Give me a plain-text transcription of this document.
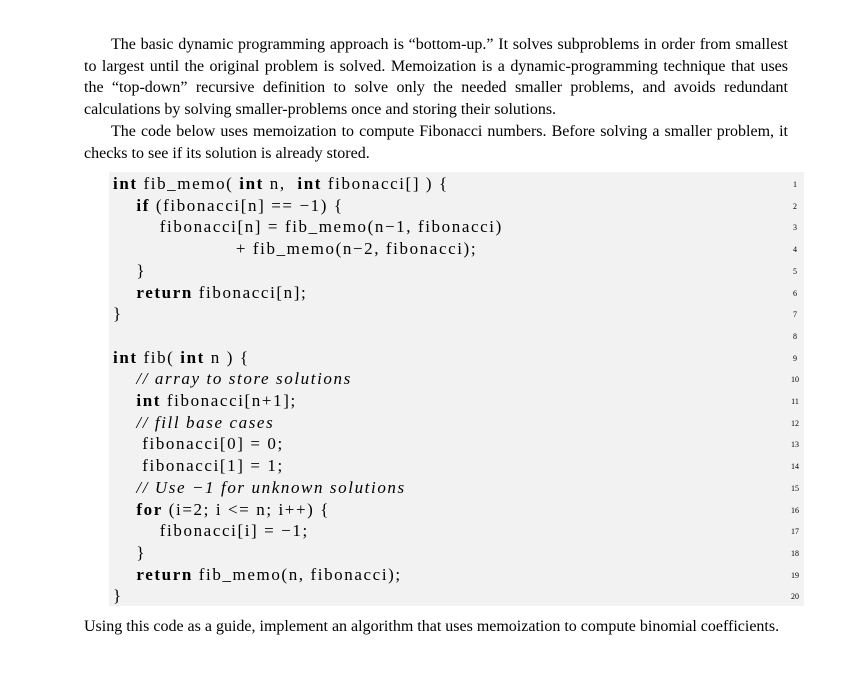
The basic dynamic programming approach is “bottom-up.” It solves subproblems in order from smallest to largest until the original problem is solved. Memoization is a dynamic-programming technique that uses the “top-down” recursive definition to solve only the needed smaller problems, and avoids redundant calculations by solving smaller-problems once and storing their solutions.
The code below uses memoization to compute Fibonacci numbers. Before solving a smaller problem, it checks to see if its solution is already stored.
int fib_memo( int n,  int fibonacci[] ) {	1
if (fibonacci[n] == −1) {	2
fibonacci[n] = fib_memo(n−1, fibonacci)	3
+ fib_memo(n−2, fibonacci);	4
}	5
return fibonacci[n];	6
}	7
8
int fib( int n ) {	9
// array to store solutions	10
int fibonacci[n+1];	11
// fill base cases	12
fibonacci[0] = 0;	13
fibonacci[1] = 1;	14
// Use −1 for unknown solutions	15
for (i=2; i <= n; i++) {	16
fibonacci[i] = −1;	17
}	18
return fib_memo(n, fibonacci);	19
}	20
Using this code as a guide, implement an algorithm that uses memoization to compute binomial coefficients.
